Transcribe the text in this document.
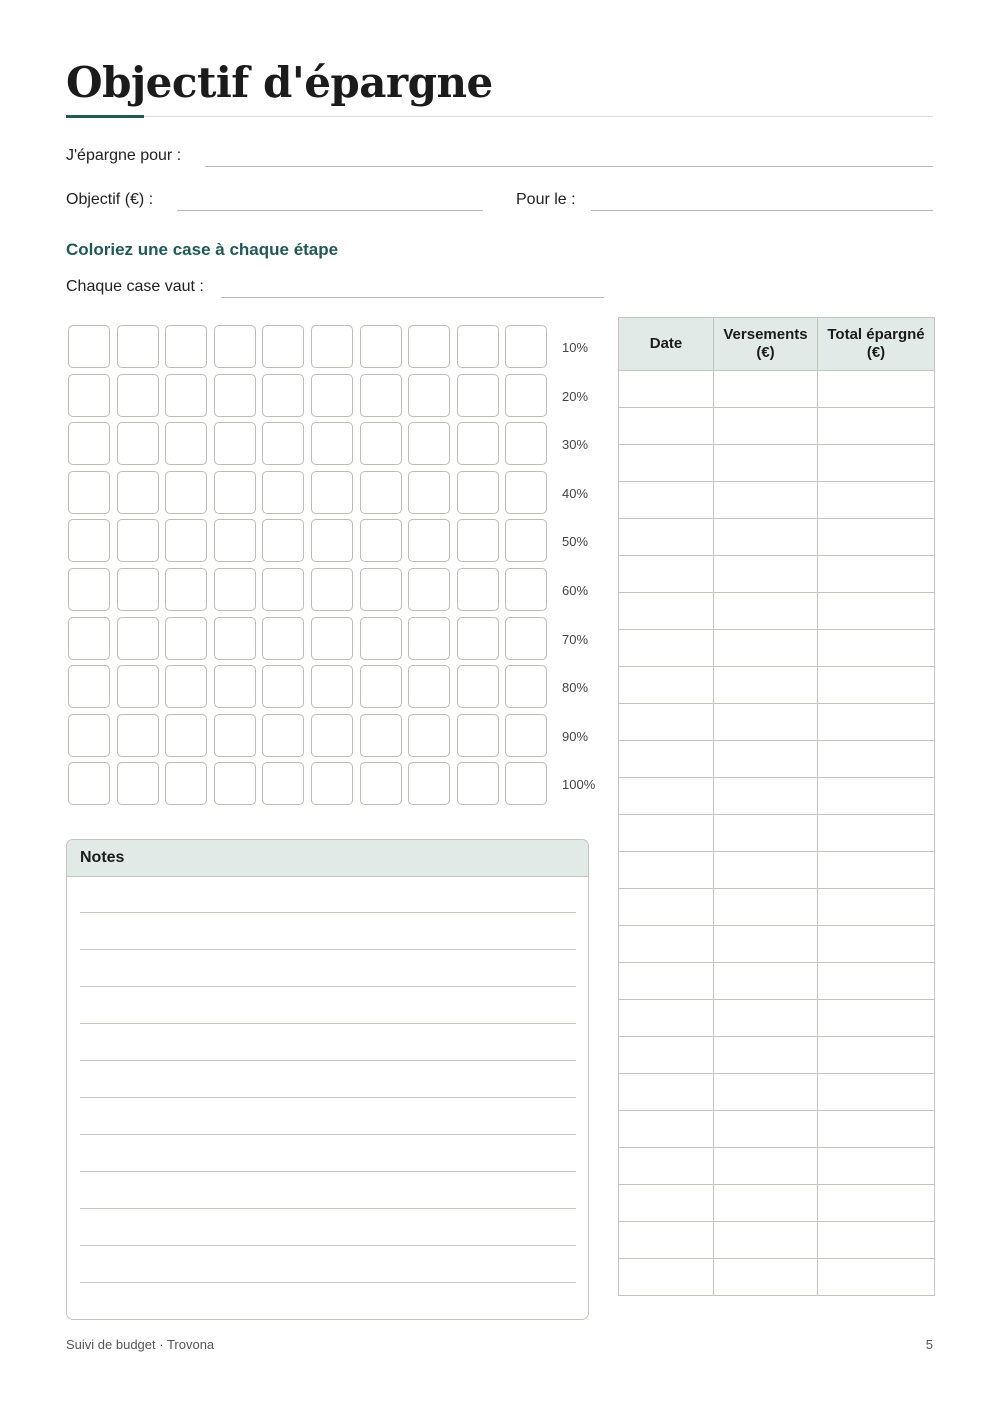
Objectif d'épargne
J'épargne pour :
Objectif (€) :	Pour le :
Coloriez une case à chaque étape
Chaque case vaut :
10%
20%
30%
40%
50%
60%
70%
80%
90%
100%
Notes
Date	Versements (€)	Total épargné (€)

Suivi de budget · Trovona	5
